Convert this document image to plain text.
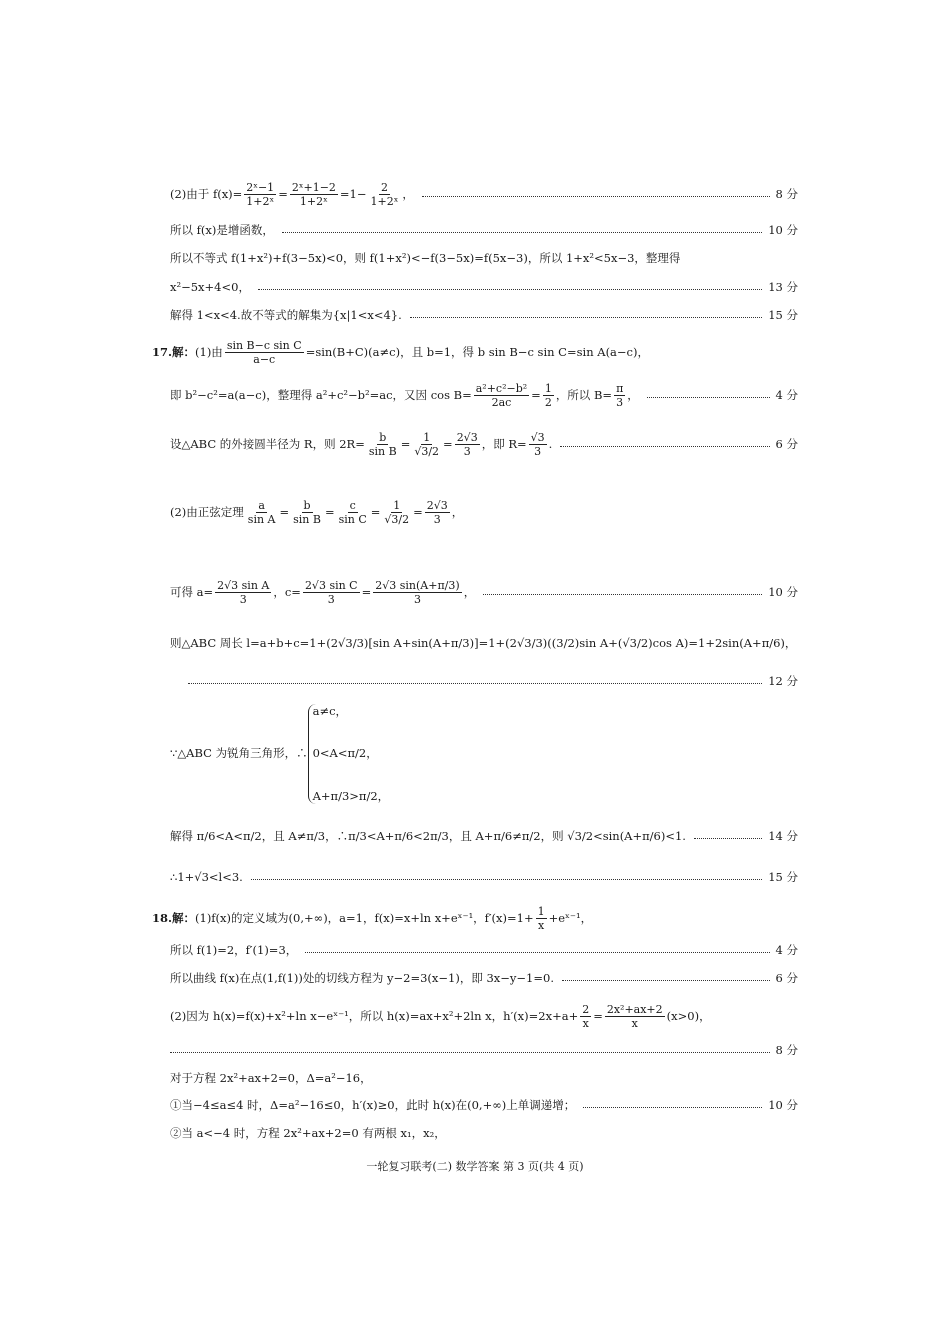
(2)由于 $f(x)= \frac{\text{2ˣ−1}}{\text{1+2ˣ}} = \frac{\text{2ˣ+1−2}}{\text{1+2ˣ}} =1- \frac{2}{\text{1+2ˣ}}$ ，	8 分
所以 f(x)是增函数，	10 分
所以不等式 f(1+x²)+f(3−5x)<0，则 f(1+x²)<−f(3−5x)=f(5x−3)，所以 1+x²<5x−3，整理得
x²−5x+4<0，	13 分
解得 1<x<4.故不等式的解集为{x|1<x<4}.	15 分
17.解： (1)由 $\frac{\text{sin B−c sin C}}{a-c} =\sin(B+C)(a\ne c)$，且 b=1，得 b sin B−c sin C=sin A(a−c)，
即 b²−c²=a(a−c)，整理得 a²+c²−b²=ac，又因 $\cos B= \frac{\text{a²+c²−b²}}{2ac} = \frac{1}{2}$ ，所以 $B= \frac{\pi}{3}$ ，	4 分
设△ABC 的外接圆半径为 R，则 $2R= \frac{b}{\text{sin B}} = \frac{1}{√3/2} = \frac{2√3}{3}$ ，即 $R= \frac{√3}{3}$ .	6 分
(2)由正弦定理 $\frac{a}{\text{sin A}} = \frac{b}{\text{sin B}} = \frac{c}{\text{sin C}} = \frac{1}{√3/2} = \frac{2√3}{3}$ ，
可得 $a= \frac{\text{2√3 sin A}}{3}$ ，$c= \frac{\text{2√3 sin C}}{3} = \frac{2√3 \sin(A+\pi/3)}{3}$ ，	10 分
则△ABC 周长 l=a+b+c=1+(2√3/3)[sin A+sin(A+π/3)]=1+(2√3/3)((3/2)sin A+(√3/2)cos A)=1+2sin(A+π/6)，
12 分
∵△ABC 为锐角三角形，∴
a≠c，
0<A<π/2，
A+π/3>π/2，
解得 π/6<A<π/2，且 A≠π/3，∴π/3<A+π/6<2π/3，且 A+π/6≠π/2，则 √3/2<sin(A+π/6)<1.	14 分
∴1+√3<l<3.	15 分
18.解： (1)f(x)的定义域为(0,+∞)，a=1，f(x)=x+ln x+eˣ⁻¹，$f'(x)=1+ \frac{1}{x}$ +eˣ⁻¹，
所以 f(1)=2，f′(1)=3，	4 分
所以曲线 f(x)在点(1,f(1))处的切线方程为 y−2=3(x−1)，即 3x−y−1=0.	6 分
(2)因为 h(x)=f(x)+x²+ln x−eˣ⁻¹，所以 h(x)=ax+x²+2ln x，$h'(x)=2x+a+ \frac{2}{x} = \frac{\text{2x²+ax+2}}{x} (x>0)$，
8 分
对于方程 2x²+ax+2=0，Δ=a²−16，
①当−4≤a≤4 时，Δ=a²−16≤0，h′(x)≥0，此时 h(x)在(0,+∞)上单调递增；	10 分
②当 a<−4 时，方程 2x²+ax+2=0 有两根 x₁，x₂，
一轮复习联考(二) 数学答案 第 3 页(共 4 页)
